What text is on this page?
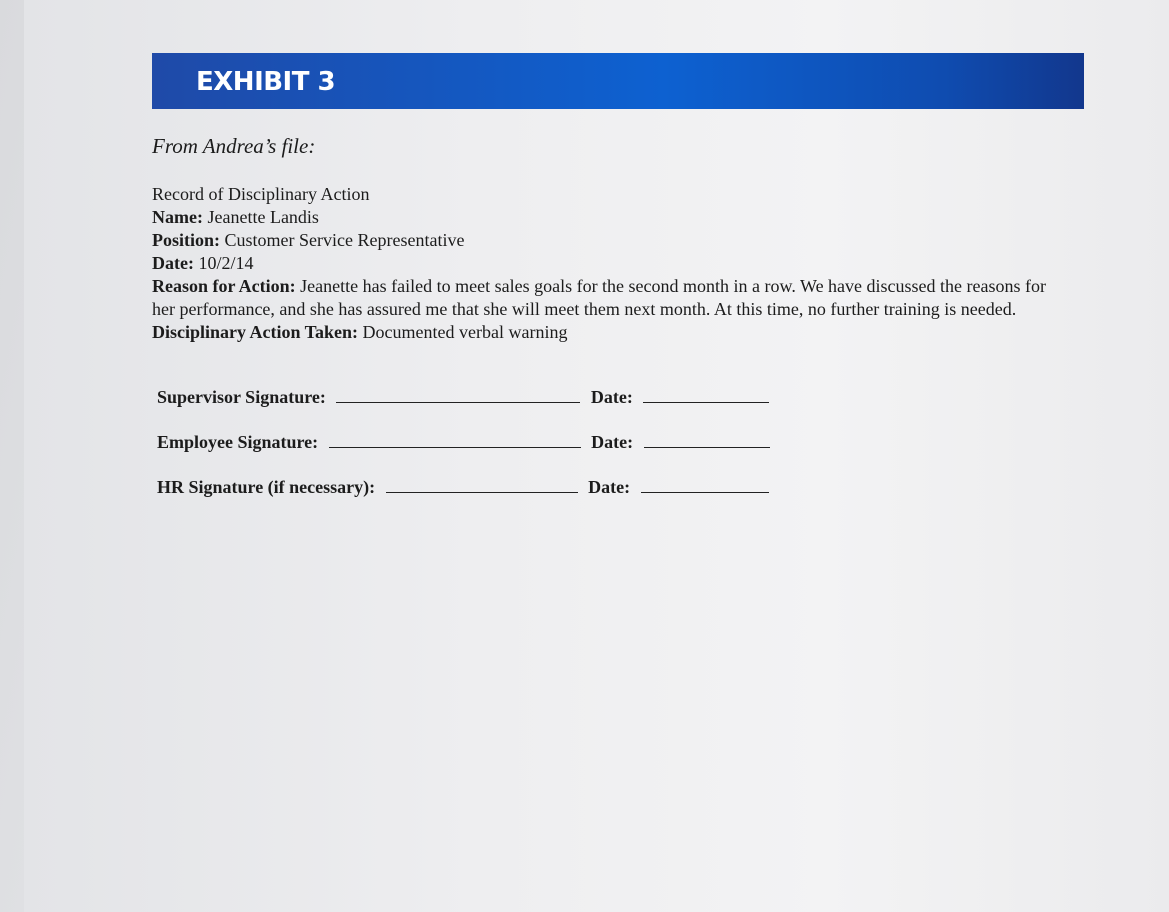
EXHIBIT 3
From Andrea’s file:
Record of Disciplinary Action
Name: Jeanette Landis
Position: Customer Service Representative
Date: 10/2/14
Reason for Action: Jeanette has failed to meet sales goals for the second month in a row. We have discussed the reasons for her performance, and she has assured me that she will meet them next month. At this time, no further training is needed.
Disciplinary Action Taken: Documented verbal warning
Supervisor Signature:	Date:
Employee Signature:	Date:
HR Signature (if necessary):	Date:
